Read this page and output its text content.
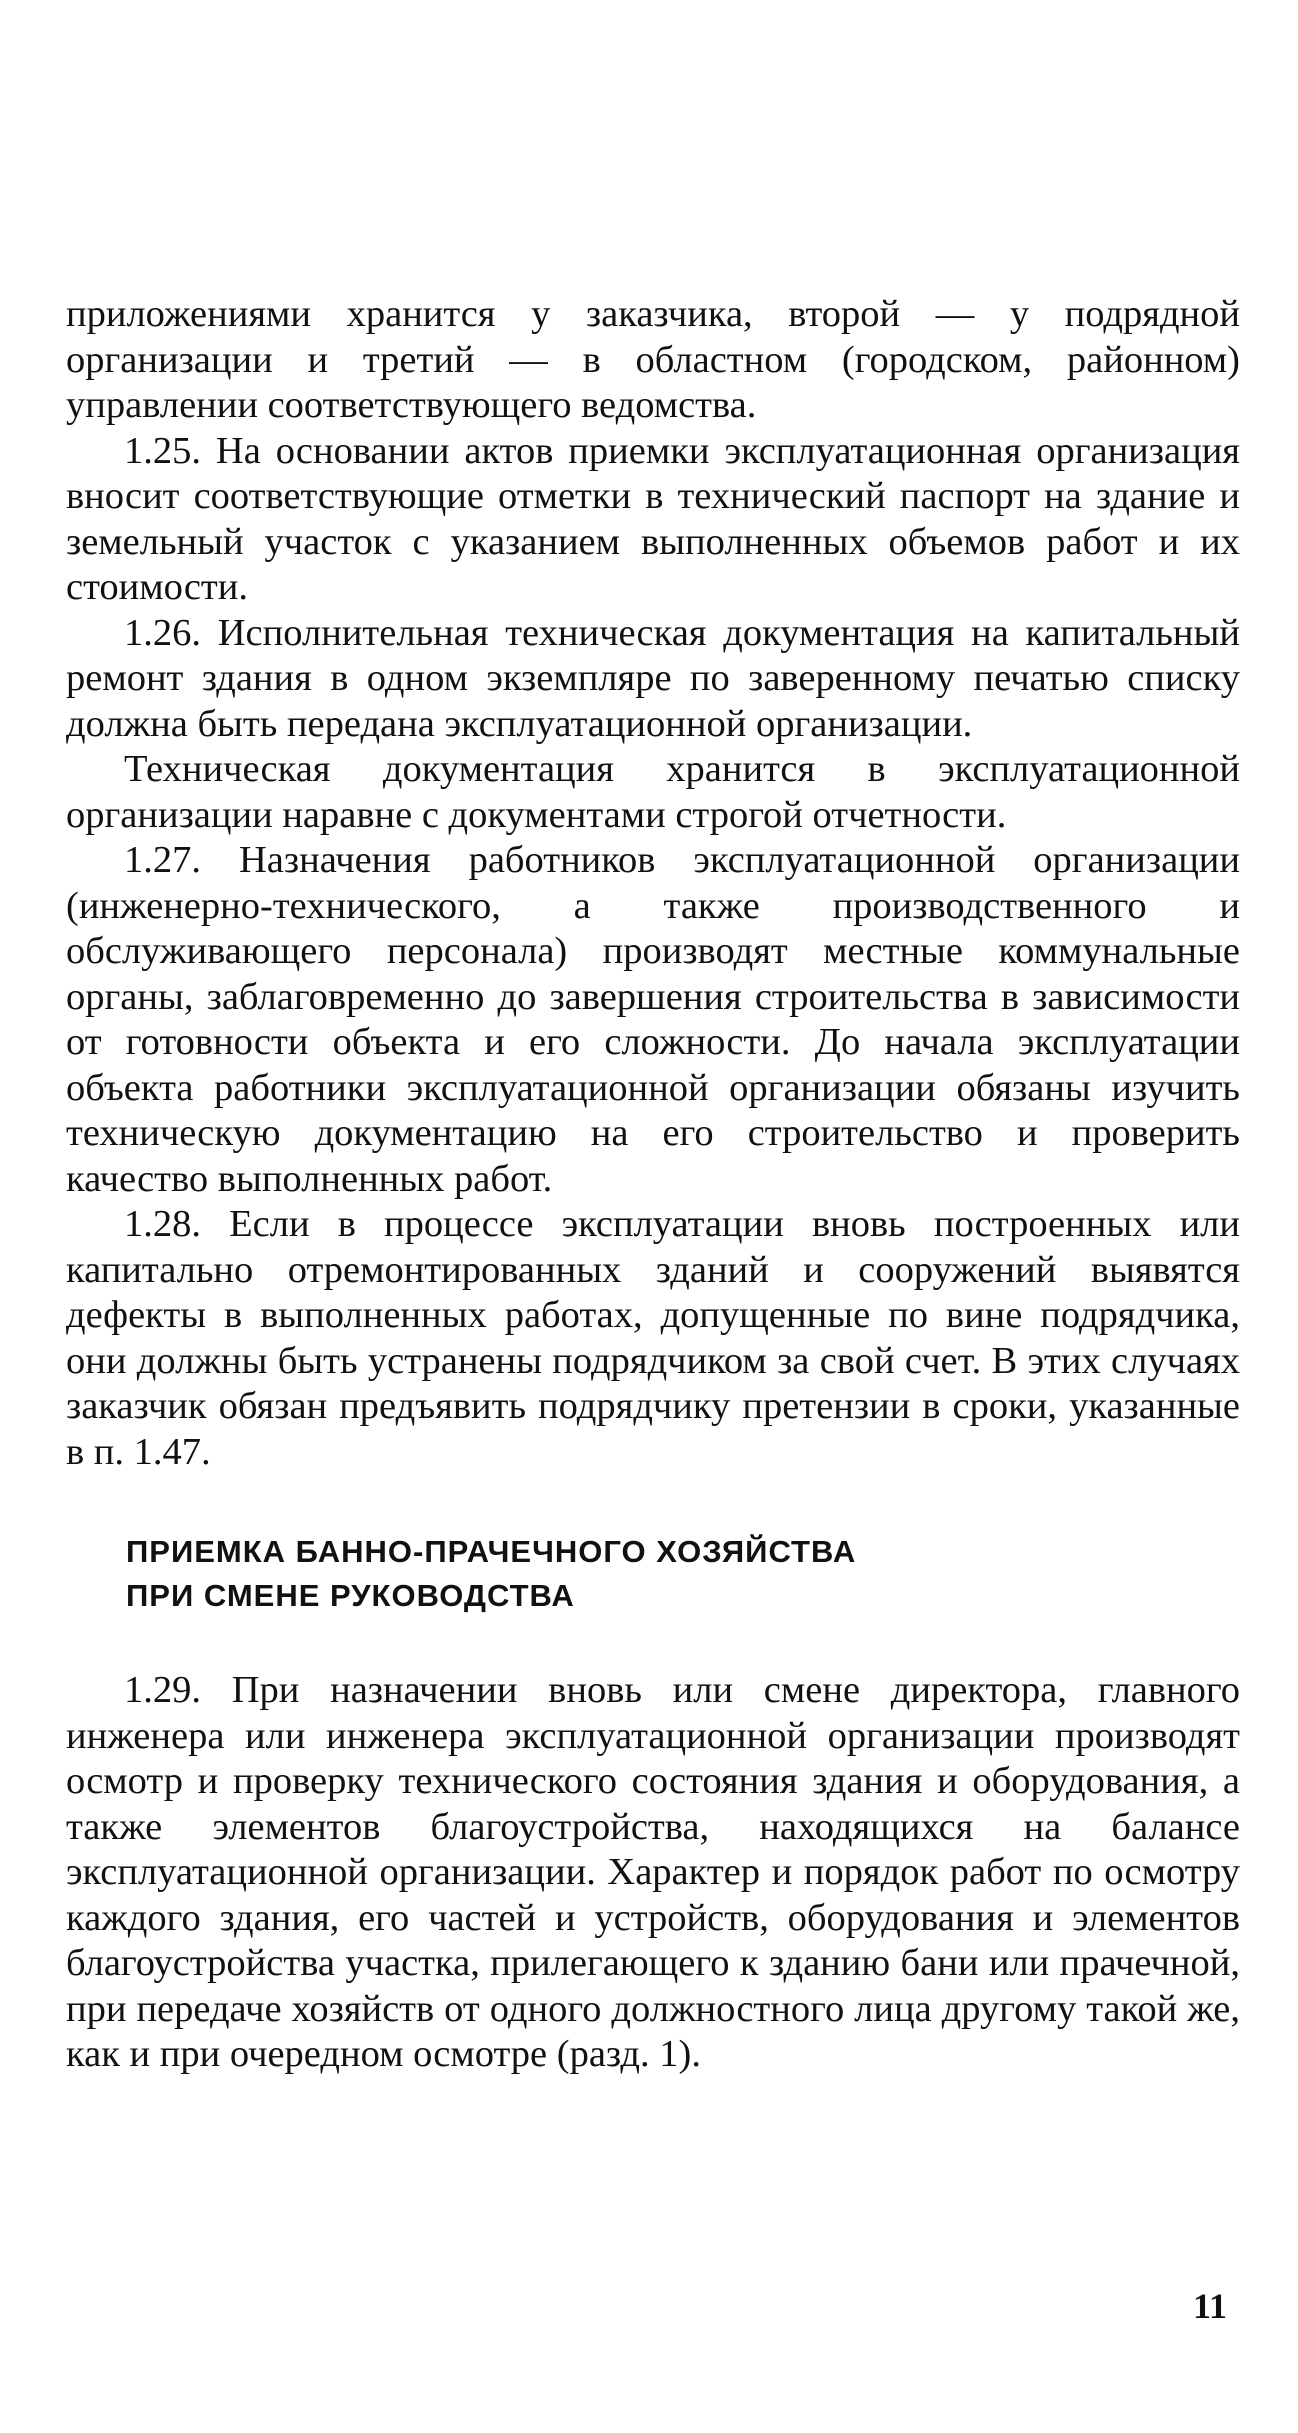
приложениями хранится у заказчика, второй — у подрядной организации и третий — в областном (городском, районном) управлении соответствующего ведомства.

1.25. На основании актов приемки эксплуатационная организация вносит соответствующие отметки в технический паспорт на здание и земельный участок с указанием выполненных объемов работ и их стоимости.

1.26. Исполнительная техническая документация на капитальный ремонт здания в одном экземпляре по заверенному печатью списку должна быть передана эксплуатационной организации.

Техническая документация хранится в эксплуатационной организации наравне с документами строгой отчетности.

1.27. Назначения работников эксплуатационной организации (инженерно-технического, а также производственного и обслуживающего персонала) производят местные коммунальные органы, заблаговременно до завершения строительства в зависимости от готовности объекта и его сложности. До начала эксплуатации объекта работники эксплуатационной организации обязаны изучить техническую документацию на его строительство и проверить качество выполненных работ.

1.28. Если в процессе эксплуатации вновь построенных или капитально отремонтированных зданий и сооружений выявятся дефекты в выполненных работах, допущенные по вине подрядчика, они должны быть устранены подрядчиком за свой счет. В этих случаях заказчик обязан предъявить подрядчику претензии в сроки, указанные в п. 1.47.

ПРИЕМКА БАННО-ПРАЧЕЧНОГО ХОЗЯЙСТВА
ПРИ СМЕНЕ РУКОВОДСТВА

1.29. При назначении вновь или смене директора, главного инженера или инженера эксплуатационной организации производят осмотр и проверку технического состояния здания и оборудования, а также элементов благоустройства, находящихся на балансе эксплуатационной организации. Характер и порядок работ по осмотру каждого здания, его частей и устройств, оборудования и элементов благоустройства участка, прилегающего к зданию бани или прачечной, при передаче хозяйств от одного должностного лица другому такой же, как и при очередном осмотре (разд. 1).

11
